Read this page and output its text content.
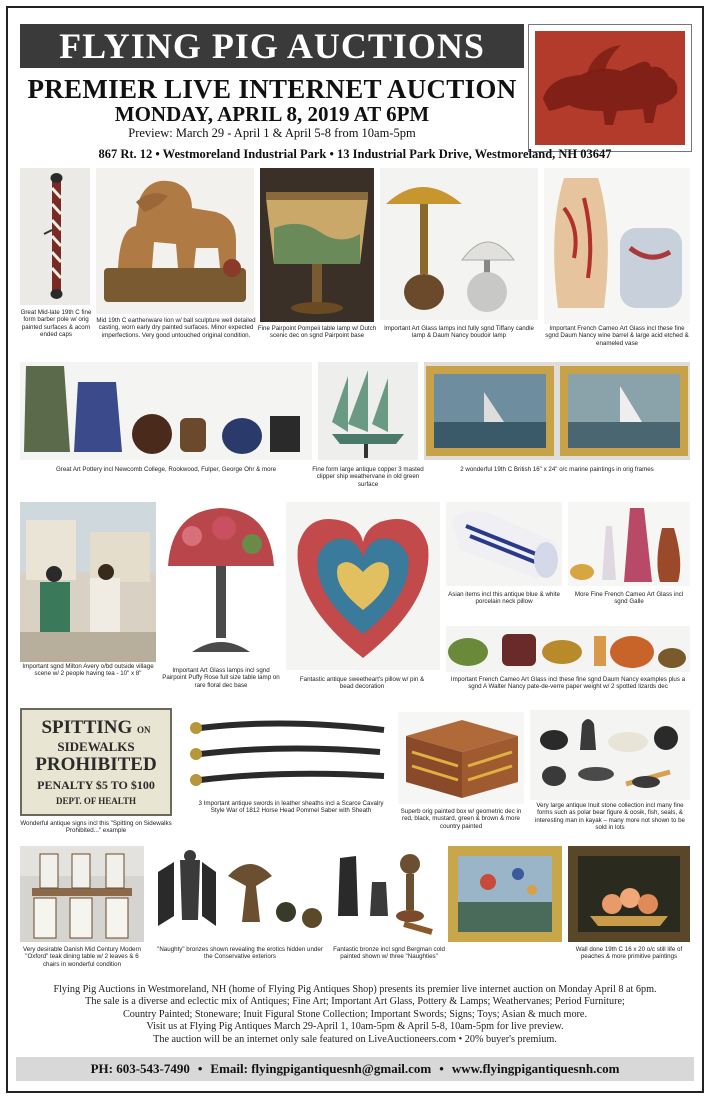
FLYING PIG AUCTIONS
PREMIER LIVE INTERNET AUCTION
MONDAY, APRIL 8, 2019 AT 6PM
Preview: March 29 - April 1 & April 5-8 from 10am-5pm
867 Rt. 12 • Westmoreland Industrial Park • 13 Industrial Park Drive, Westmoreland, NH 03647
Great Mid-late 19th C fine form barber pole w/ orig painted surfaces & acorn ended caps
Mid 19th C earthenware lion w/ ball sculpture well detailed casting, worn early dry painted surfaces. Minor expected imperfections. Very good untouched original condition.
Fine Pairpoint Pompeii table lamp w/ Dutch scenic dec on sgnd Pairpoint base
Important Art Glass lamps incl fully sgnd Tiffany candle lamp & Daum Nancy boudoir lamp
Important French Cameo Art Glass incl these fine sgnd Daum Nancy wine barrel & large acid etched & enameled vase
Great Art Pottery incl Newcomb College, Rookwood, Fulper, George Ohr & more	Fine form large antique copper 3 masted clipper ship weathervane in old green surface
2 wonderful 19th C British 16" x 24" o/c marine paintings in orig frames
Important sgnd Milton Avery o/bd outside village scene w/ 2 people having tea - 10" x 8"	Important Art Glass lamps incl sgnd Pairpoint Puffy Rose full size table lamp on rare floral dec base
Fantastic antique sweetheart's pillow w/ pin & bead decoration
Asian items incl this antique blue & white porcelain neck pillow
More Fine French Cameo Art Glass incl sgnd Galle
Important French Cameo Art Glass incl these fine sgnd Daum Nancy examples plus a sgnd A Walter Nancy pate-de-verre paper weight w/ 2 spotted lizards dec
SPITTING ON
SIDEWALKS
PROHIBITED
PENALTY $5 TO $100
DEPT. OF HEALTH
Wonderful antique signs incl this "Spitting on Sidewalks Prohibited..." example
3 Important antique swords in leather sheaths incl a Scarce Cavalry Style War of 1812 Horse Head Pommel Saber with Sheath	Superb orig painted box w/ geometric dec in red, black, mustard, green & brown & more country painted
Very large antique Inuit stone collection incl many fine forms such as polar bear figure & oosik, fish, seals, & interesting man in kayak – many more not shown to be sold in lots
Very desirable Danish Mid Century Modern "Oxford" teak dining table w/ 2 leaves & 6 chairs in wonderful condition
"Naughty" bronzes shown revealing the erotics hidden under the Conservative exteriors
Fantastic bronze incl sgnd Bergman cold painted shown w/ three "Naughties"
Wall done 19th C 16 x 20 o/c still life of peaches & more primitive paintings
Flying Pig Auctions in Westmoreland, NH (home of Flying Pig Antiques Shop) presents its premier live internet auction on Monday April 8 at 6pm.
The sale is a diverse and eclectic mix of Antiques; Fine Art; Important Art Glass, Pottery & Lamps; Weathervanes; Period Furniture;
Country Painted; Stoneware; Inuit Figural Stone Collection; Important Swords; Signs; Toys; Asian & much more.
Visit us at Flying Pig Antiques March 29-April 1, 10am-5pm & April 5-8, 10am-5pm for live preview.
The auction will be an internet only sale featured on LiveAuctioneers.com • 20% buyer's premium.
PH: 603-543-7490 • Email: flyingpigantiquesnh@gmail.com • www.flyingpigantiquesnh.com
